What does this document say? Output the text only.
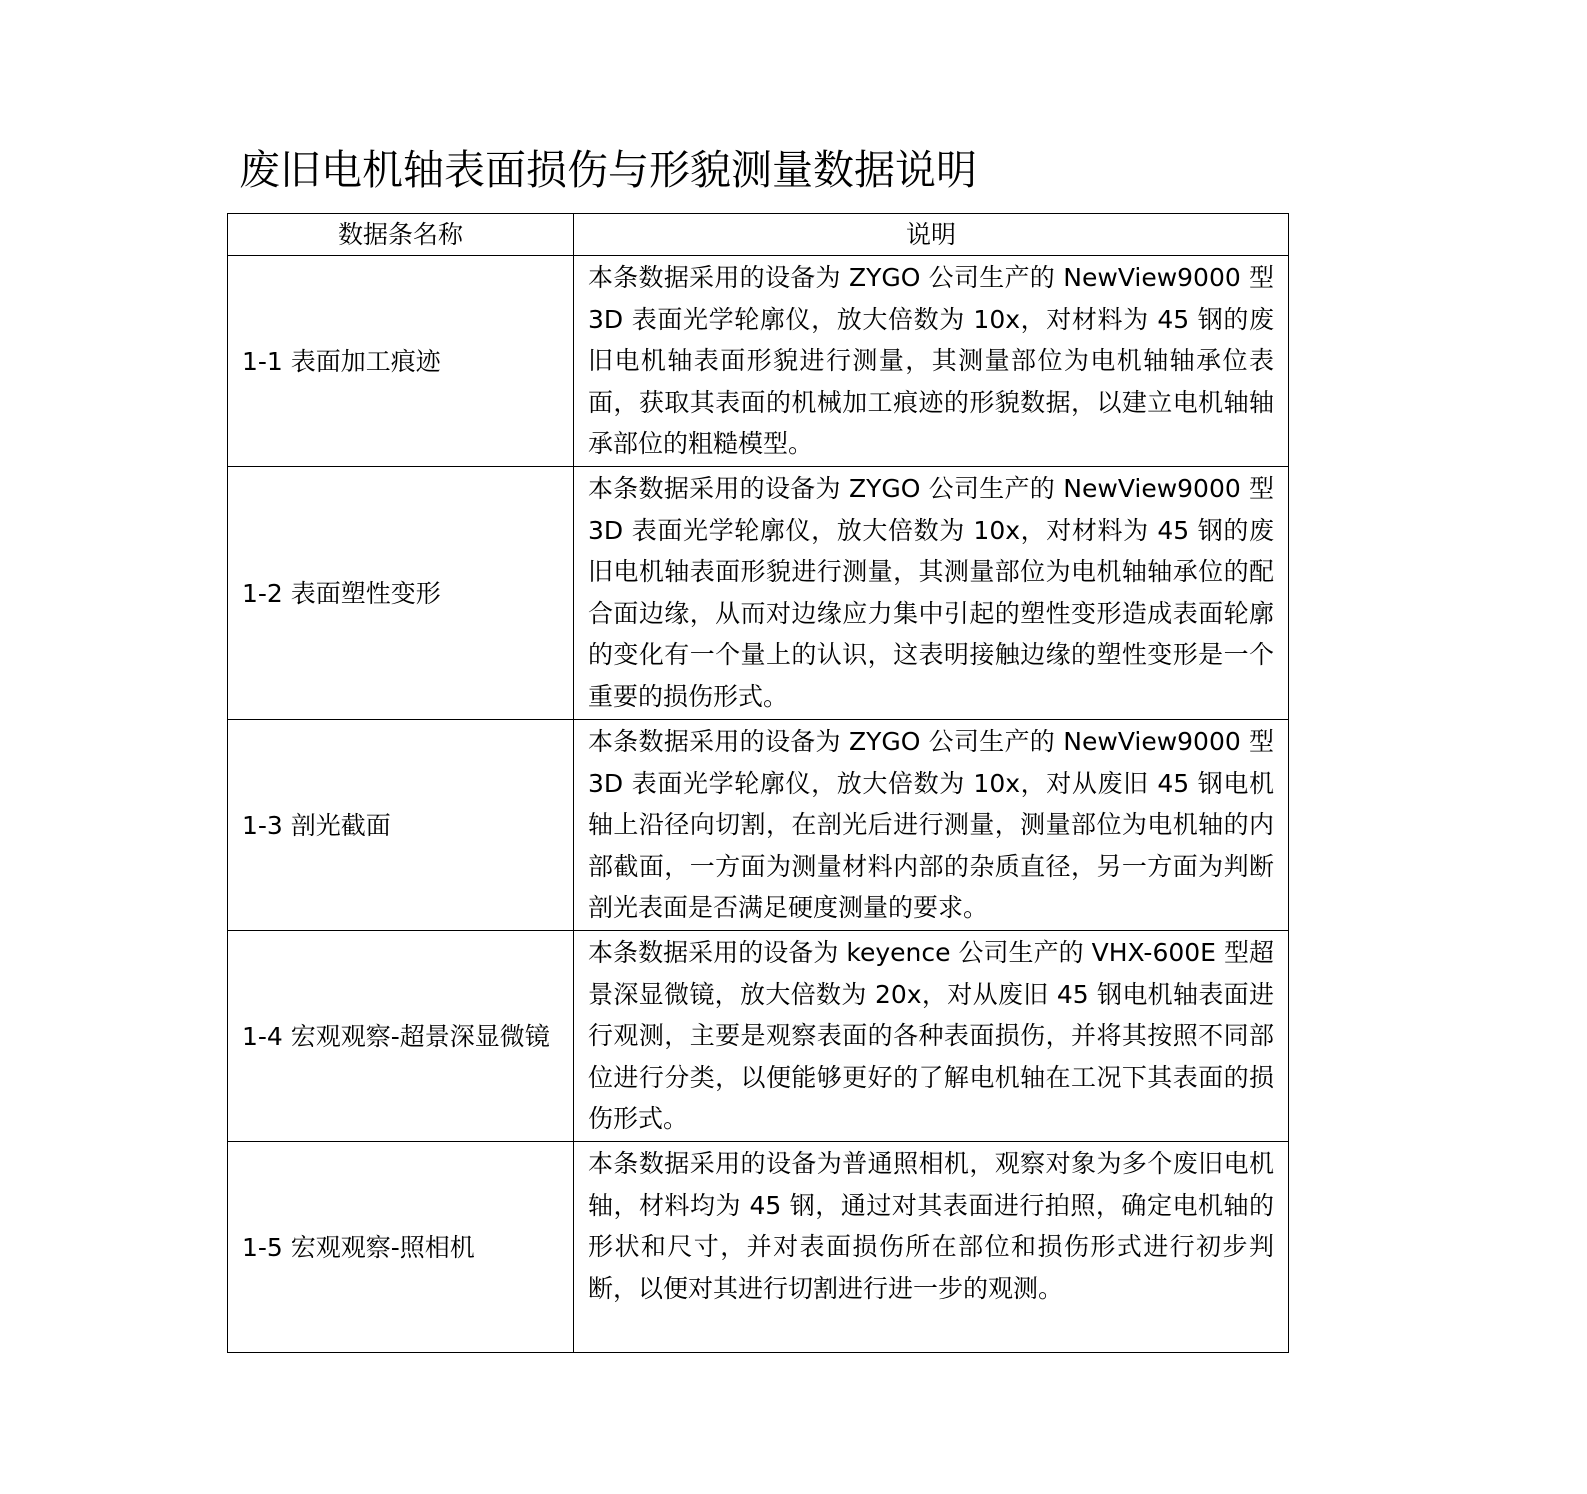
废旧电机轴表面损伤与形貌测量数据说明
数据条名称	说明
1-1 表面加工痕迹	本条数据采用的设备为 ZYGO 公司生产的 NewView9000 型 3D 表面光学轮廓仪，放大倍数为 10x，对材料为 45 钢的废旧电机轴表面形貌进行测量，其测量部位为电机轴轴承位表面，获取其表面的机械加工痕迹的形貌数据，以建立电机轴轴承部位的粗糙模型。
1-2 表面塑性变形	本条数据采用的设备为 ZYGO 公司生产的 NewView9000 型 3D 表面光学轮廓仪，放大倍数为 10x，对材料为 45 钢的废旧电机轴表面形貌进行测量，其测量部位为电机轴轴承位的配合面边缘，从而对边缘应力集中引起的塑性变形造成表面轮廓的变化有一个量上的认识，这表明接触边缘的塑性变形是一个重要的损伤形式。
1-3 剖光截面	本条数据采用的设备为 ZYGO 公司生产的 NewView9000 型 3D 表面光学轮廓仪，放大倍数为 10x，对从废旧 45 钢电机轴上沿径向切割，在剖光后进行测量，测量部位为电机轴的内部截面，一方面为测量材料内部的杂质直径，另一方面为判断剖光表面是否满足硬度测量的要求。
1-4 宏观观察-超景深显微镜	本条数据采用的设备为 keyence 公司生产的 VHX-600E 型超景深显微镜，放大倍数为 20x，对从废旧 45 钢电机轴表面进行观测，主要是观察表面的各种表面损伤，并将其按照不同部位进行分类，以便能够更好的了解电机轴在工况下其表面的损伤形式。
1-5 宏观观察-照相机	本条数据采用的设备为普通照相机，观察对象为多个废旧电机轴，材料均为 45 钢，通过对其表面进行拍照，确定电机轴的形状和尺寸，并对表面损伤所在部位和损伤形式进行初步判断，以便对其进行切割进行进一步的观测。
